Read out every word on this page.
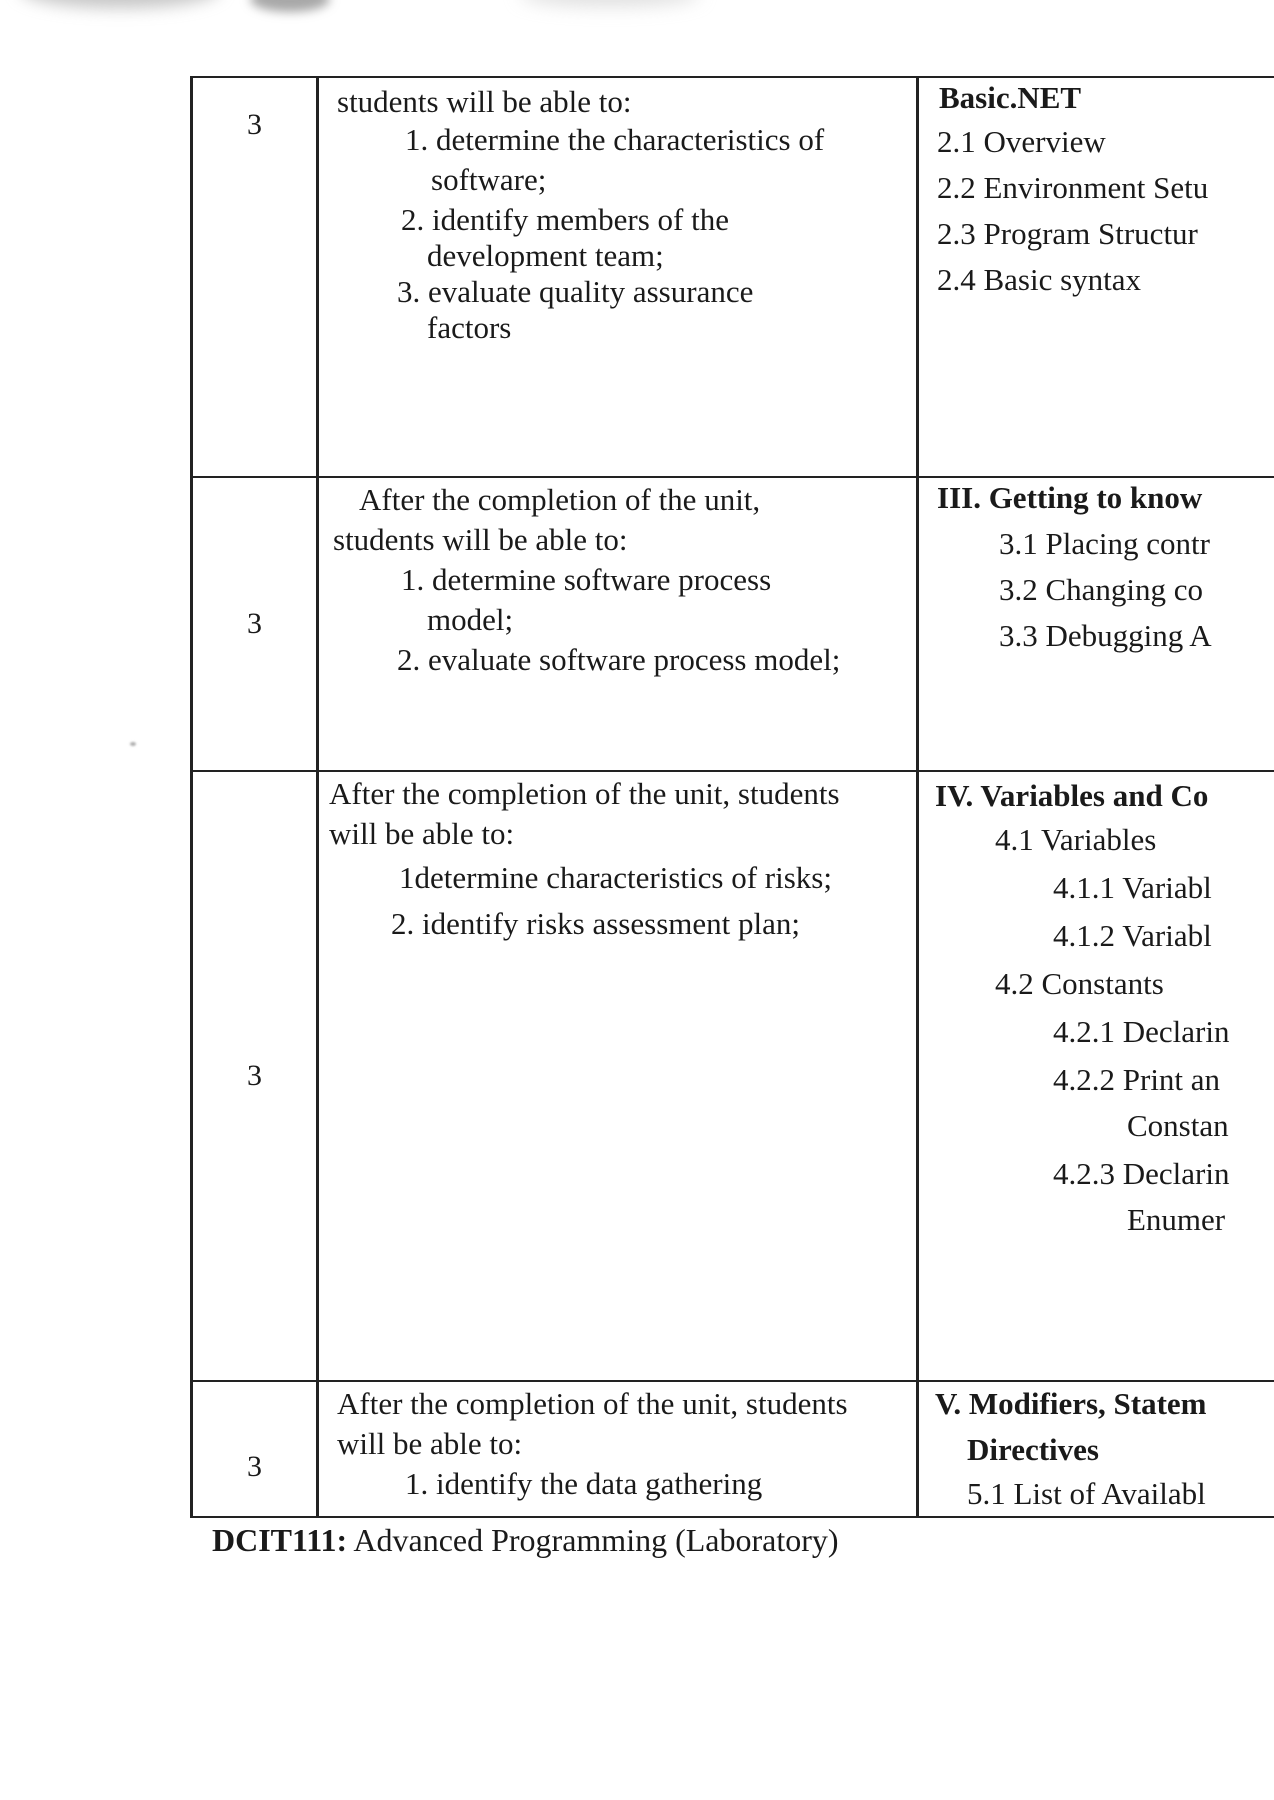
3
students will be able to:
1. determine the characteristics of
software;
2. identify members of the
development team;
3. evaluate quality assurance
factors
Basic.NET
2.1 Overview
2.2 Environment Setu
2.3 Program Structur
2.4 Basic syntax
3
After the completion of the unit,
students will be able to:
1. determine software process
model;
2. evaluate software process model;
III. Getting to know
3.1 Placing contr
3.2 Changing co
3.3 Debugging A
3
After the completion of the unit, students
will be able to:
1determine characteristics of risks;
2. identify risks assessment plan;
IV. Variables and Co
4.1 Variables
4.1.1 Variabl
4.1.2 Variabl
4.2 Constants
4.2.1 Declarin
4.2.2 Print an
Constan
4.2.3 Declarin
Enumer
3
After the completion of the unit, students
will be able to:
1. identify the data gathering
V. Modifiers, Statem
Directives
5.1 List of Availabl
DCIT111: Advanced Programming (Laboratory)
